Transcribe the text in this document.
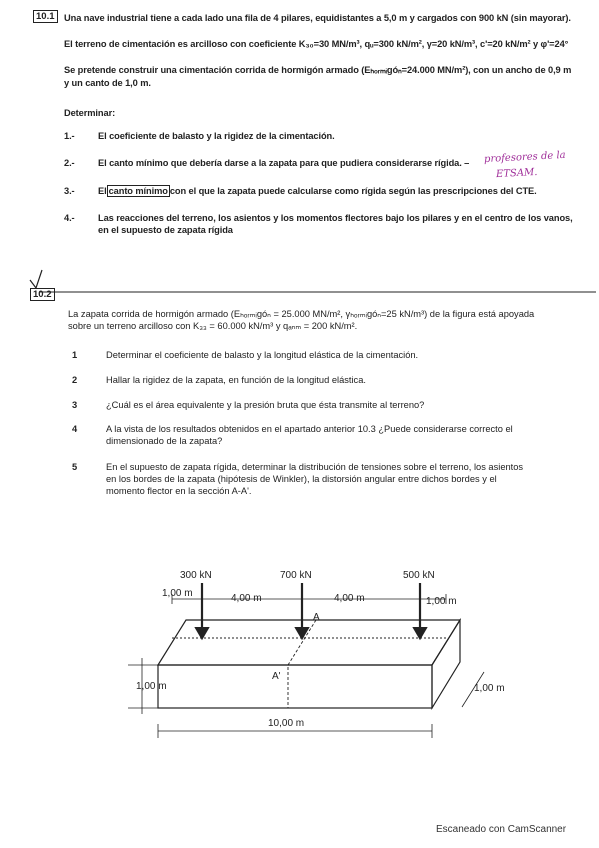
10.1	Una nave industrial tiene a cada lado una fila de 4 pilares, equidistantes a 5,0 m y cargados con 900 kN (sin mayorar).
El terreno de cimentación es arcilloso con coeficiente K₃₀=30 MN/m³, qᵤ=300 kN/m², γ=20 kN/m³, c'=20 kN/m² y φ'=24°
Se pretende construir una cimentación corrida de hormigón armado (Eₕₒᵣₘᵢɡóₙ=24.000 MN/m²), con un ancho de 0,9 m
y un canto de 1,0 m.
Determinar:
1.-	El coeficiente de balasto y la rigidez de la cimentación.
2.-	El canto mínimo que debería darse a la zapata para que pudiera considerarse rígida. – profesores de la
ETSAM.
3.-	El canto mínimo con el que la zapata puede calcularse como rígida según las prescripciones del CTE.
4.-	Las reacciones del terreno, los asientos y los momentos flectores bajo los pilares y en el centro de los vanos,
en el supuesto de zapata rígida
10.2
La zapata corrida de hormigón armado (Eₕₒᵣₘᵢɡóₙ = 25.000 MN/m², γₕₒᵣₘᵢɡóₙ=25 kN/m³) de la figura está apoyada
sobre un terreno arcilloso con K₃₃ = 60.000 kN/m³ y qₐₙₘ = 200 kN/m².
1	Determinar el coeficiente de balasto y la longitud elástica de la cimentación.
2	Hallar la rigidez de la zapata, en función de la longitud elástica.
3	¿Cuál es el área equivalente y la presión bruta que ésta transmite al terreno?
4	A la vista de los resultados obtenidos en el apartado anterior 10.3 ¿Puede considerarse correcto el
dimensionado de la zapata?
5	En el supuesto de zapata rígida, determinar la distribución de tensiones sobre el terreno, los asientos
en los bordes de la zapata (hipótesis de Winkler), la distorsión angular entre dichos bordes y el
momento flector en la sección A-A'.
300 kN	700 kN	500 kN
1,00 m	4,00 m	4,00 m	1,00 m
A
A'
1,00 m	1,00 m
10,00 m
Escaneado con CamScanner
